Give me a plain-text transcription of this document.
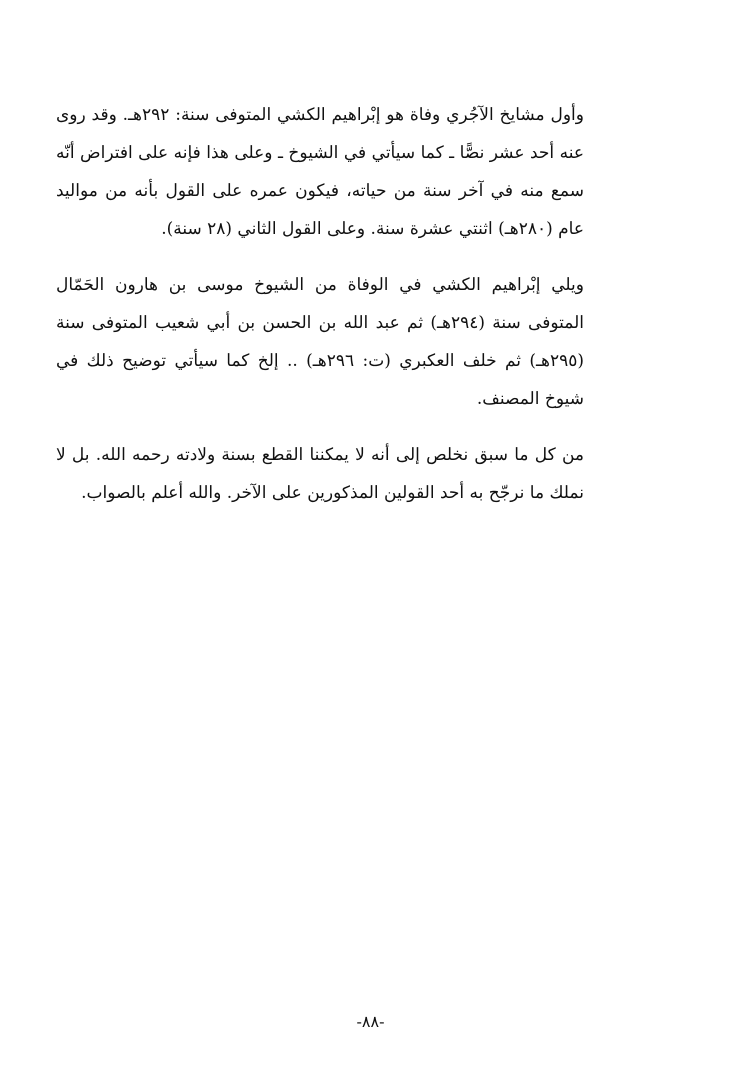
وأول مشايخ الآجُري وفاة هو إبْراهيم الكشي المتوفى سنة: ٢٩٢هـ. وقد روى عنه أحد عشر نصًّا ـ كما سيأتي في الشيوخ ـ وعلى هذا فإنه على افتراض أنّه سمع منه في آخر سنة من حياته، فيكون عمره على القول بأنه من مواليد عام (٢٨٠هـ) اثنتي عشرة سنة. وعلى القول الثاني (٢٨ سنة).

ويلي إبْراهيم الكشي في الوفاة من الشيوخ موسى بن هارون الحَمّال المتوفى سنة (٢٩٤هـ) ثم عبد الله بن الحسن بن أبي شعيب المتوفى سنة (٢٩٥هـ) ثم خلف العكبري (ت: ٢٩٦هـ) .. إلخ كما سيأتي توضيح ذلك في شيوخ المصنف.

من كل ما سبق نخلص إلى أنه لا يمكننا القطع بسنة ولادته رحمه الله. بل لا نملك ما نرجّح به أحد القولين المذكورين على الآخر. والله أعلم بالصواب.

-٨٨-
